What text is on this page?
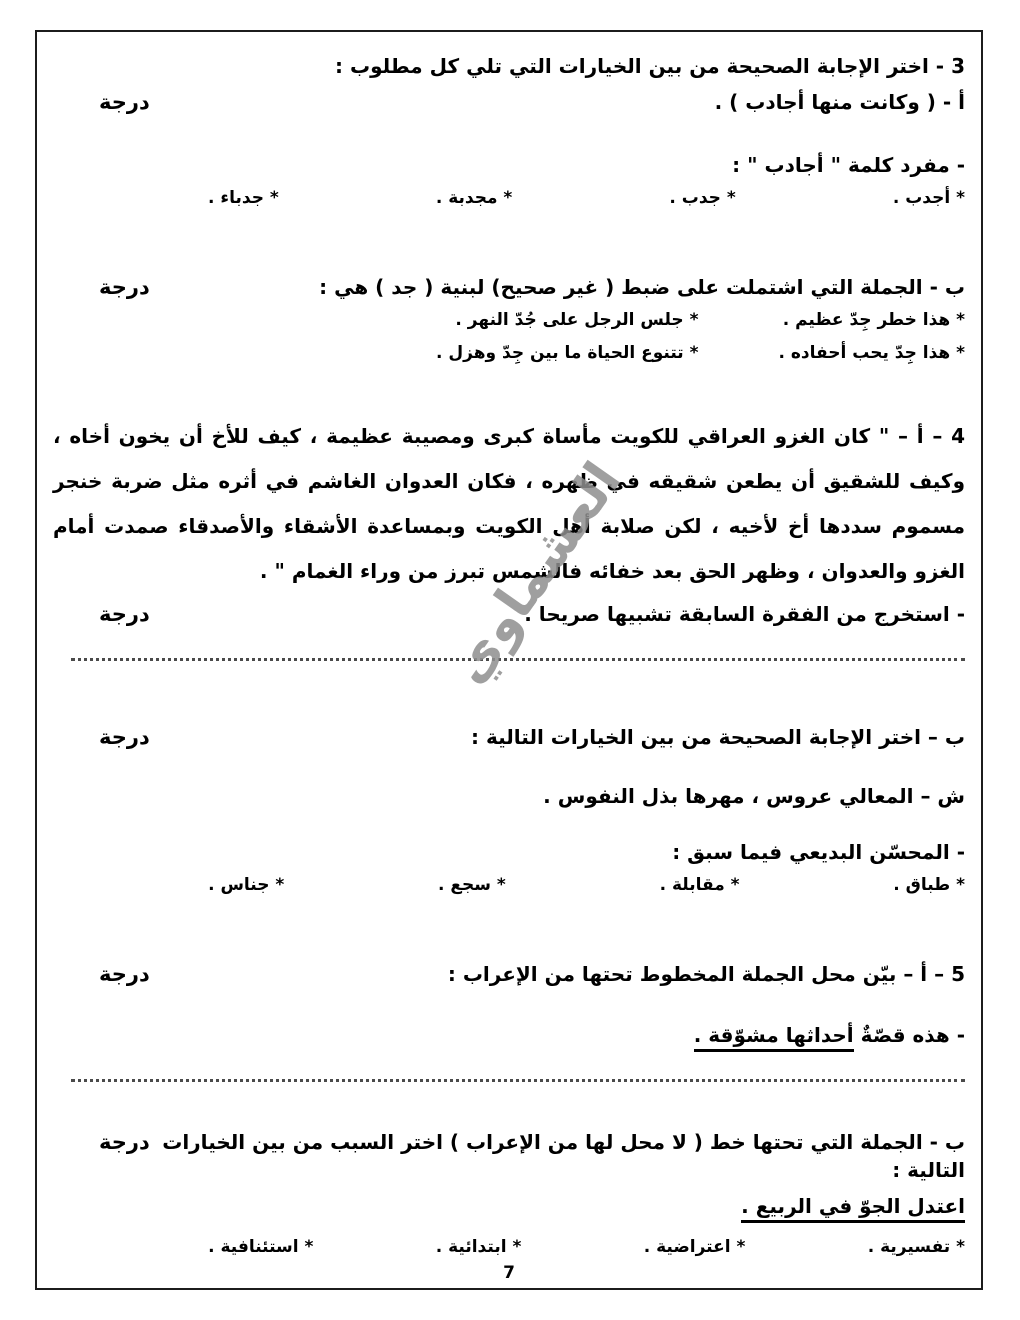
3 - اختر الإجابة الصحيحة من بين الخيارات التي تلي كل مطلوب :
أ - ( وكانت منها أجادب ) .
درجة
- مفرد كلمة " أجادب " :
* أجدب .
* جدب .
* مجدبة .
* جدباء .
ب - الجملة التي اشتملت على ضبط ( غير صحيح) لبنية ( جد ) هي :
درجة
* هذا خطر جِدّ عظيم .
* جلس الرجل على جُدّ النهر .
* هذا جِدّ يحب أحفاده .
* تتنوع الحياة ما بين جِدّ وهزل .
4 – أ – " كان الغزو العراقي للكويت مأساة كبرى ومصيبة عظيمة ، كيف للأخ أن يخون أخاه ، وكيف للشقيق أن يطعن شقيقه في ظهره ، فكان العدوان الغاشم في أثره مثل ضربة خنجر مسموم سددها أخ لأخيه ، لكن صلابة أهل الكويت وبمساعدة الأشقاء والأصدقاء صمدت أمام الغزو والعدوان ، وظهر الحق بعد خفائه فالشمس تبرز من وراء الغمام " .
- استخرج من الفقرة السابقة تشبيها صريحا .
درجة
ب – اختر الإجابة الصحيحة من بين الخيارات التالية :
درجة
ش – المعالي عروس ، مهرها بذل النفوس .
- المحسّن البديعي فيما سبق :
* طباق .
* مقابلة .
* سجع .
* جناس .
5 – أ – بيّن محل الجملة المخطوط تحتها من الإعراب :
درجة
- هذه قصّةٌ أحداثها مشوّقة .
ب - الجملة التي تحتها خط ( لا محل لها من الإعراب ) اختر السبب من بين الخيارات التالية :
درجة
اعتدل الجوّ في الربيع .
* تفسيرية .
* اعتراضية .
* ابتدائية .
* استئنافية .
العشماوي
7
